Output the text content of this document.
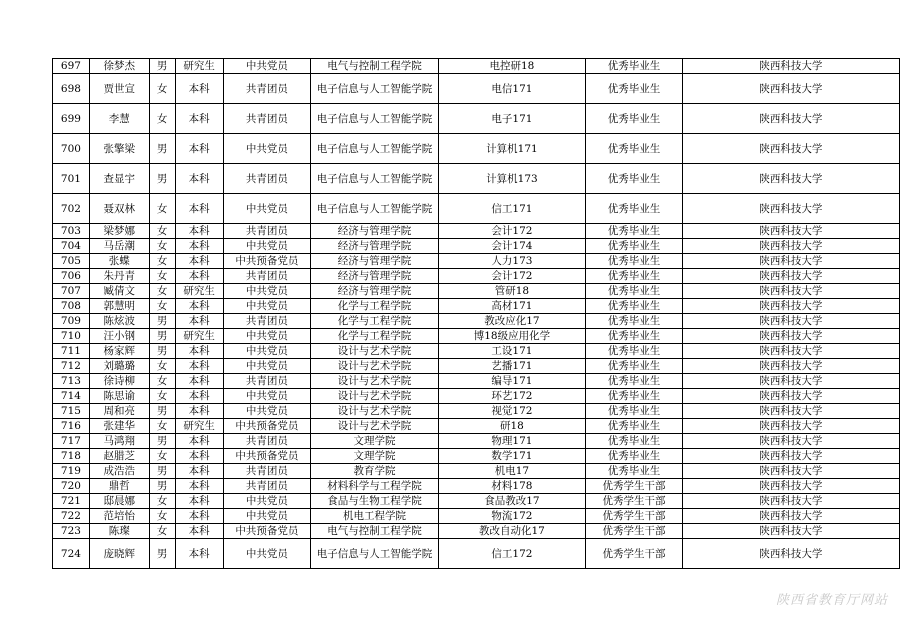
697	徐梦杰	男	研究生	中共党员	电气与控制工程学院	电控研18	优秀毕业生	陕西科技大学
698	贾世宣	女	本科	共青团员	电子信息与人工智能学院	电信171	优秀毕业生	陕西科技大学
699	李慧	女	本科	共青团员	电子信息与人工智能学院	电子171	优秀毕业生	陕西科技大学
700	张擎梁	男	本科	中共党员	电子信息与人工智能学院	计算机171	优秀毕业生	陕西科技大学
701	查显宇	男	本科	共青团员	电子信息与人工智能学院	计算机173	优秀毕业生	陕西科技大学
702	聂双林	女	本科	中共党员	电子信息与人工智能学院	信工171	优秀毕业生	陕西科技大学
703	梁梦娜	女	本科	共青团员	经济与管理学院	会计172	优秀毕业生	陕西科技大学
704	马岳潮	女	本科	中共党员	经济与管理学院	会计174	优秀毕业生	陕西科技大学
705	张蝶	女	本科	中共预备党员	经济与管理学院	人力173	优秀毕业生	陕西科技大学
706	朱丹青	女	本科	共青团员	经济与管理学院	会计172	优秀毕业生	陕西科技大学
707	臧倩文	女	研究生	中共党员	经济与管理学院	管研18	优秀毕业生	陕西科技大学
708	郭慧明	女	本科	中共党员	化学与工程学院	高材171	优秀毕业生	陕西科技大学
709	陈炫波	男	本科	共青团员	化学与工程学院	教改应化17	优秀毕业生	陕西科技大学
710	汪小钢	男	研究生	中共党员	化学与工程学院	博18级应用化学	优秀毕业生	陕西科技大学
711	杨家辉	男	本科	中共党员	设计与艺术学院	工设171	优秀毕业生	陕西科技大学
712	刘璐璐	女	本科	中共党员	设计与艺术学院	艺播171	优秀毕业生	陕西科技大学
713	徐诗柳	女	本科	共青团员	设计与艺术学院	编导171	优秀毕业生	陕西科技大学
714	陈思谕	女	本科	中共党员	设计与艺术学院	环艺172	优秀毕业生	陕西科技大学
715	周和亮	男	本科	中共党员	设计与艺术学院	视觉172	优秀毕业生	陕西科技大学
716	张建华	女	研究生	中共预备党员	设计与艺术学院	研18	优秀毕业生	陕西科技大学
717	马鸿翔	男	本科	共青团员	文理学院	物理171	优秀毕业生	陕西科技大学
718	赵腊芝	女	本科	中共预备党员	文理学院	数学171	优秀毕业生	陕西科技大学
719	成浩浩	男	本科	共青团员	教育学院	机电17	优秀毕业生	陕西科技大学
720	鼎哲	男	本科	共青团员	材料科学与工程学院	材料178	优秀学生干部	陕西科技大学
721	邸晨娜	女	本科	中共党员	食品与生物工程学院	食品教改17	优秀学生干部	陕西科技大学
722	范培怡	女	本科	中共党员	机电工程学院	物流172	优秀学生干部	陕西科技大学
723	陈璨	女	本科	中共预备党员	电气与控制工程学院	教改自动化17	优秀学生干部	陕西科技大学
724	庞晓辉	男	本科	中共党员	电子信息与人工智能学院	信工172	优秀学生干部	陕西科技大学
陕西省教育厅网站
